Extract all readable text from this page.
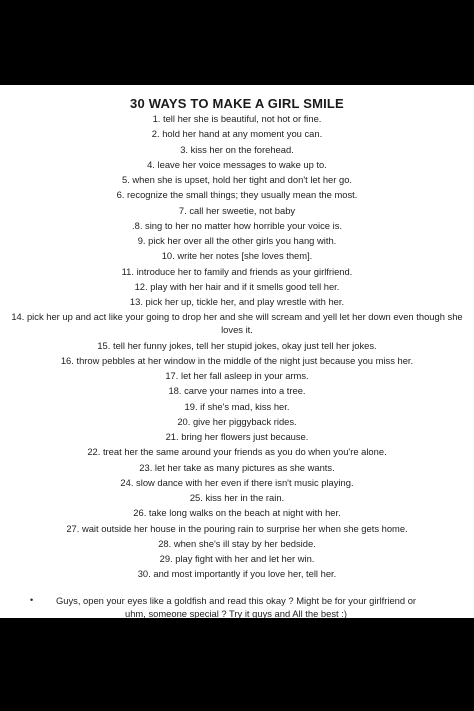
30 WAYS TO MAKE A GIRL SMILE
1. tell her she is beautiful, not hot or fine.
2. hold her hand at any moment you can.
3. kiss her on the forehead.
4. leave her voice messages to wake up to.
5. when she is upset, hold her tight and don't let her go.
6. recognize the small things; they usually mean the most.
7. call her sweetie, not baby
.8. sing to her no matter how horrible your voice is.
9. pick her over all the other girls you hang with.
10. write her notes [she loves them].
11. introduce her to family and friends as your girlfriend.
12. play with her hair and if it smells good tell her.
13. pick her up, tickle her, and play wrestle with her.
14. pick her up and act like your going to drop her and she will scream and yell let her down even though she loves it.
15. tell her funny jokes, tell her stupid jokes, okay just tell her jokes.
16. throw pebbles at her window in the middle of the night just because you miss her.
17. let her fall asleep in your arms.
18. carve your names into a tree.
19. if she's mad, kiss her.
20. give her piggyback rides.
21. bring her flowers just because.
22. treat her the same around your friends as you do when you're alone.
23. let her take as many pictures as she wants.
24. slow dance with her even if there isn't music playing.
25. kiss her in the rain.
26. take long walks on the beach at night with her.
27. wait outside her house in the pouring rain to surprise her when she gets home.
28. when she's ill stay by her bedside.
29. play fight with her and let her win.
30. and most importantly if you love her, tell her.
•	Guys, open your eyes like a goldfish and read this okay ? Might be for your girlfriend or uhm, someone special ? Try it guys and All the best :)
